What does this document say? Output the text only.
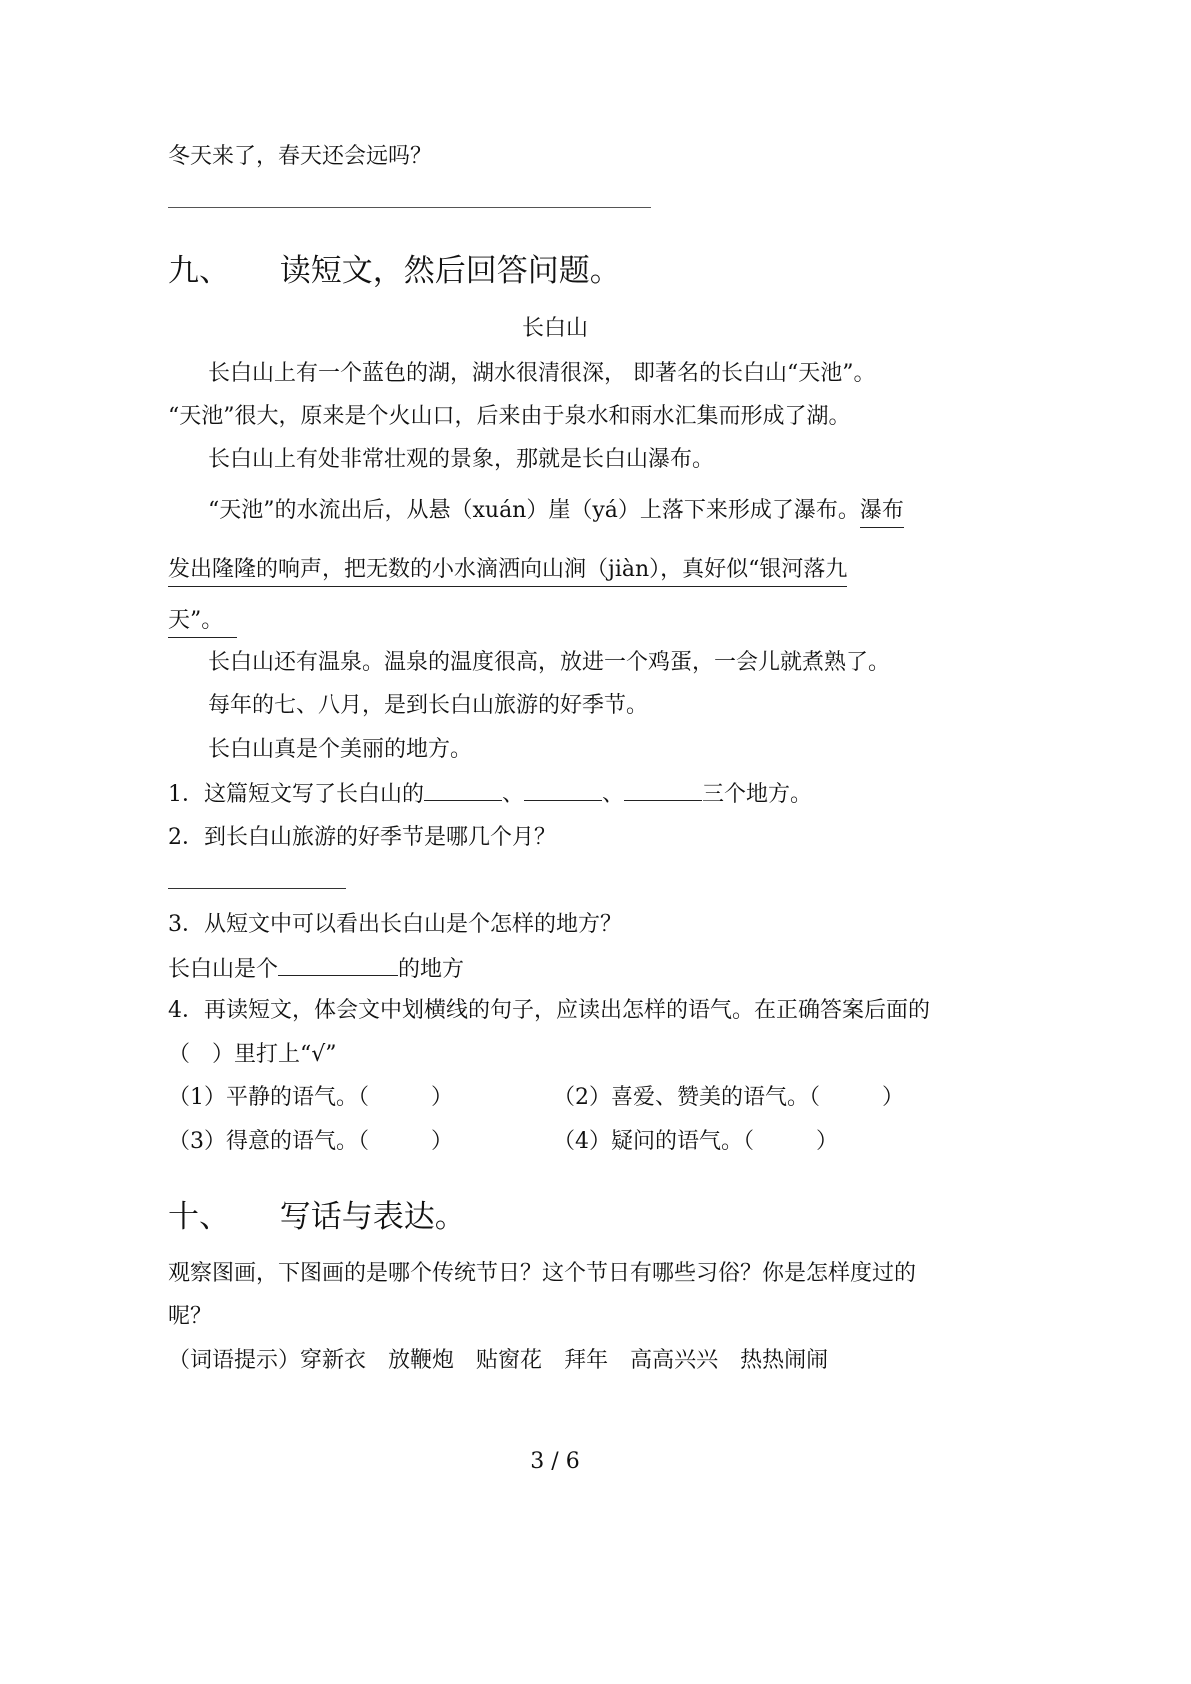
冬天来了，春天还会远吗？
九、 读短文，然后回答问题。
长白山
长白山上有一个蓝色的湖，湖水很清很深， 即著名的长白山“天池”。
“天池”很大，原来是个火山口，后来由于泉水和雨水汇集而形成了湖。
长白山上有处非常壮观的景象，那就是长白山瀑布。
“天池”的水流出后，从悬（xuán）崖（yá）上落下来形成了瀑布。瀑布
发出隆隆的响声，把无数的小水滴洒向山涧（jiàn），真好似“银河落九
天”。
长白山还有温泉。温泉的温度很高，放进一个鸡蛋，一会儿就煮熟了。
每年的七、八月，是到长白山旅游的好季节。
长白山真是个美丽的地方。
1．这篇短文写了长白山的	、	、	三个地方。
2．到长白山旅游的好季节是哪几个月？
3．从短文中可以看出长白山是个怎样的地方？
长白山是个	的地方
4．再读短文，体会文中划横线的句子，应读出怎样的语气。在正确答案后面的
（　）里打上“√”
（1）平静的语气。（	）	（2）喜爱、赞美的语气。（	）
（3）得意的语气。（	）	（4）疑问的语气。（	）
十、 写话与表达。
观察图画，下图画的是哪个传统节日？这个节日有哪些习俗？你是怎样度过的
呢？
（词语提示）穿新衣 放鞭炮 贴窗花 拜年 高高兴兴 热热闹闹
3 / 6
